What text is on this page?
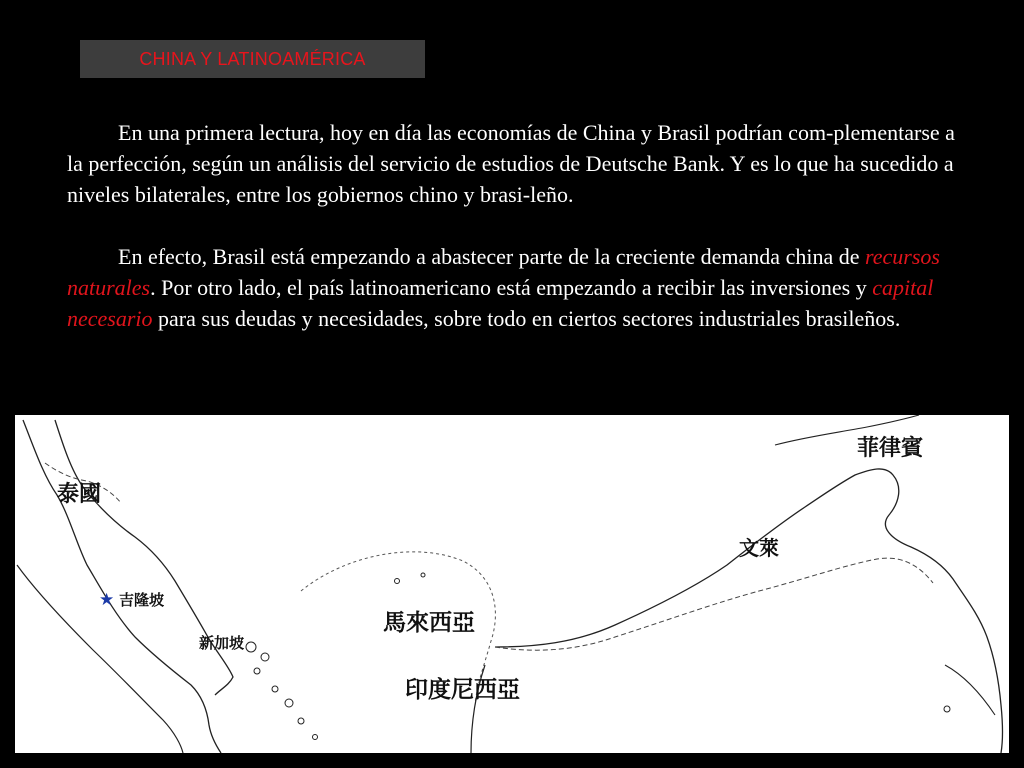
CHINA Y LATINOAMÉRICA

En una primera lectura, hoy en día las economías de China y Brasil podrían com-plementarse a la perfección, según un análisis del servicio de estudios de Deutsche Bank. Y es lo que ha sucedido a niveles bilaterales, entre los gobiernos chino y brasi-leño.

En efecto, Brasil está empezando a abastecer parte de la creciente demanda china de recursos naturales. Por otro lado, el país latinoamericano está empezando a recibir las inversiones y capital necesario para sus deudas y necesidades, sobre todo en ciertos sectores industriales brasileños.

泰國
★ 吉隆坡
新加坡
馬來西亞
印度尼西亞
文萊
菲律賓
